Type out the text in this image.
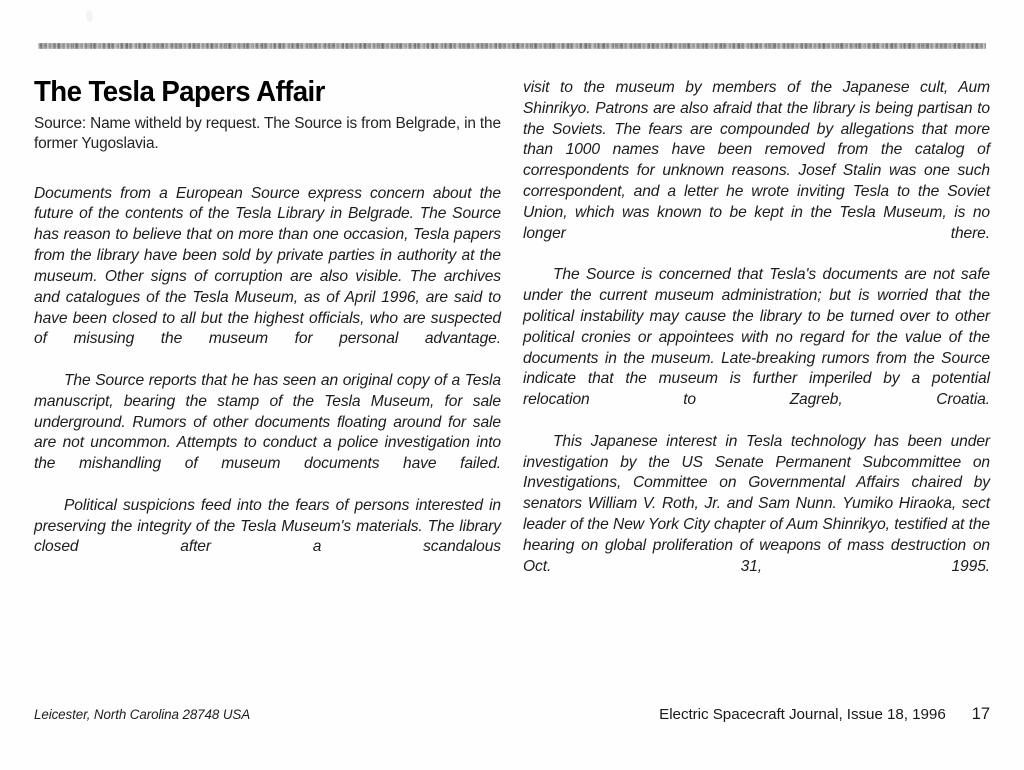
The Tesla Papers Affair

Source: Name witheld by request. The Source is from Belgrade, in the former Yugoslavia.

Documents from a European Source express concern about the future of the contents of the Tesla Library in Belgrade. The Source has reason to believe that on more than one occasion, Tesla papers from the library have been sold by private parties in authority at the museum. Other signs of corruption are also visible. The archives and catalogues of the Tesla Museum, as of April 1996, are said to have been closed to all but the highest officials, who are suspected of misusing the museum for personal advantage.

The Source reports that he has seen an original copy of a Tesla manuscript, bearing the stamp of the Tesla Museum, for sale underground. Rumors of other documents floating around for sale are not uncommon. Attempts to conduct a police investigation into the mishandling of museum documents have failed.

Political suspicions feed into the fears of persons interested in preserving the integrity of the Tesla Museum's materials. The library closed after a scandalous

visit to the museum by members of the Japanese cult, Aum Shinrikyo. Patrons are also afraid that the library is being partisan to the Soviets. The fears are compounded by allegations that more than 1000 names have been removed from the catalog of correspondents for unknown reasons. Josef Stalin was one such correspondent, and a letter he wrote inviting Tesla to the Soviet Union, which was known to be kept in the Tesla Museum, is no longer there.

The Source is concerned that Tesla's documents are not safe under the current museum administration; but is worried that the political instability may cause the library to be turned over to other political cronies or appointees with no regard for the value of the documents in the museum. Late-breaking rumors from the Source indicate that the museum is further imperiled by a potential relocation to Zagreb, Croatia.

This Japanese interest in Tesla technology has been under investigation by the US Senate Permanent Subcommittee on Investigations, Committee on Governmental Affairs chaired by senators William V. Roth, Jr. and Sam Nunn. Yumiko Hiraoka, sect leader of the New York City chapter of Aum Shinrikyo, testified at the hearing on global proliferation of weapons of mass destruction on Oct. 31, 1995.

Leicester, North Carolina 28748 USA	Electric Spacecraft Journal, Issue 18, 1996 17
